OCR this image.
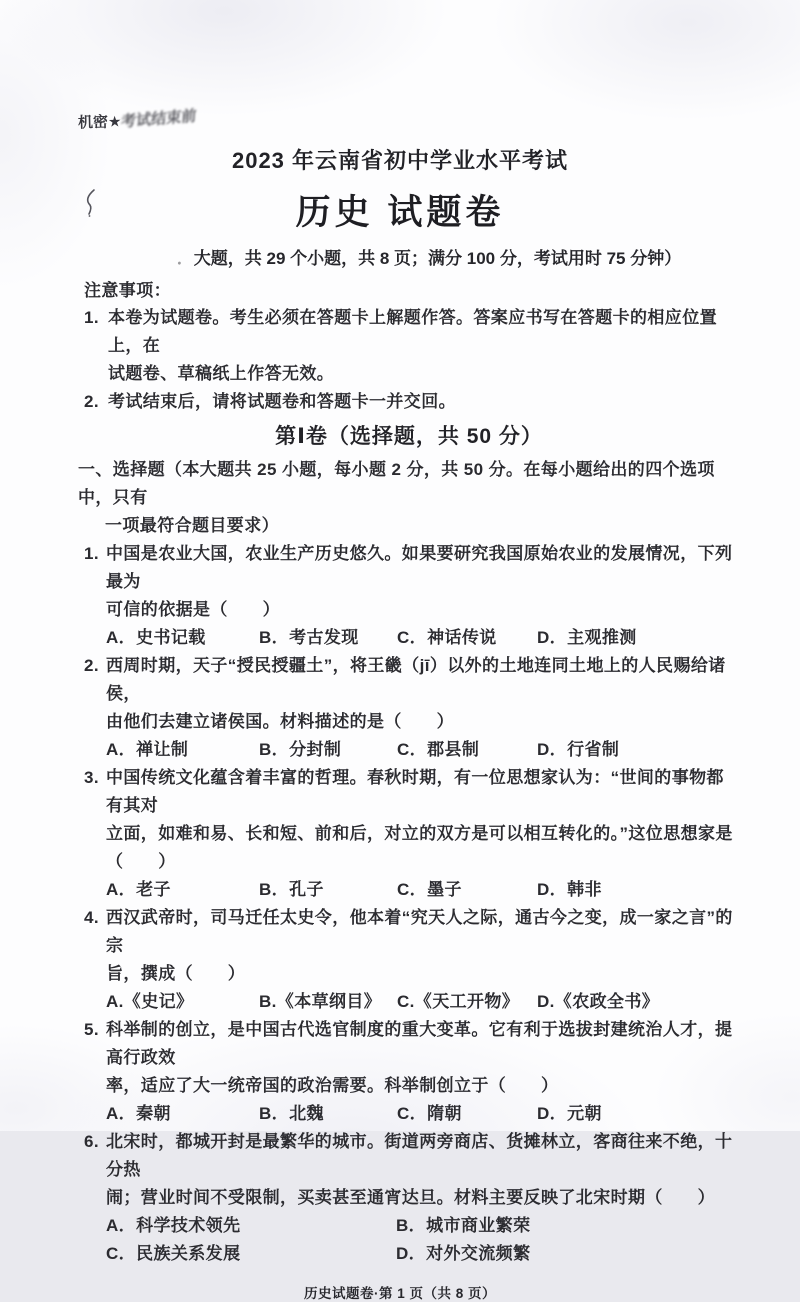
机密★考试结束前
2023 年云南省初中学业水平考试
历史 试题卷
．大题，共 29 个小题，共 8 页；满分 100 分，考试用时 75 分钟）
注意事项：
1. 本卷为试题卷。考生必须在答题卡上解题作答。答案应书写在答题卡的相应位置上，在
试题卷、草稿纸上作答无效。
2. 考试结束后，请将试题卷和答题卡一并交回。
第Ⅰ卷（选择题，共 50 分）
一、选择题（本大题共 25 小题，每小题 2 分，共 50 分。在每小题给出的四个选项中，只有
一项最符合题目要求）
1. 中国是农业大国，农业生产历史悠久。如果要研究我国原始农业的发展情况，下列最为
可信的依据是（　　）
A．史书记载	B．考古发现 C．神话传说 D．主观推测
2. 西周时期，天子“授民授疆土”，将王畿（jī）以外的土地连同土地上的人民赐给诸侯，
由他们去建立诸侯国。材料描述的是（　　）
A．禅让制	B．分封制	C．郡县制	D．行省制
3. 中国传统文化蕴含着丰富的哲理。春秋时期，有一位思想家认为：“世间的事物都有其对
立面，如难和易、长和短、前和后，对立的双方是可以相互转化的。”这位思想家是（　　）
A．老子	B．孔子	C．墨子	D．韩非
4. 西汉武帝时，司马迁任太史令，他本着“究天人之际，通古今之变，成一家之言”的宗
旨，撰成（　　）
A.《史记》	B.《本草纲目》 C.《天工开物》 D.《农政全书》
5. 科举制的创立，是中国古代选官制度的重大变革。它有利于选拔封建统治人才，提高行政效
率，适应了大一统帝国的政治需要。科举制创立于（　　）
A．秦朝	B．北魏	C．隋朝	D．元朝
6. 北宋时，都城开封是最繁华的城市。街道两旁商店、货摊林立，客商往来不绝，十分热
闹；营业时间不受限制，买卖甚至通宵达旦。材料主要反映了北宋时期（　　）
A．科学技术领先	B．城市商业繁荣
C．民族关系发展	D．对外交流频繁
历史试题卷·第 1 页（共 8 页）
